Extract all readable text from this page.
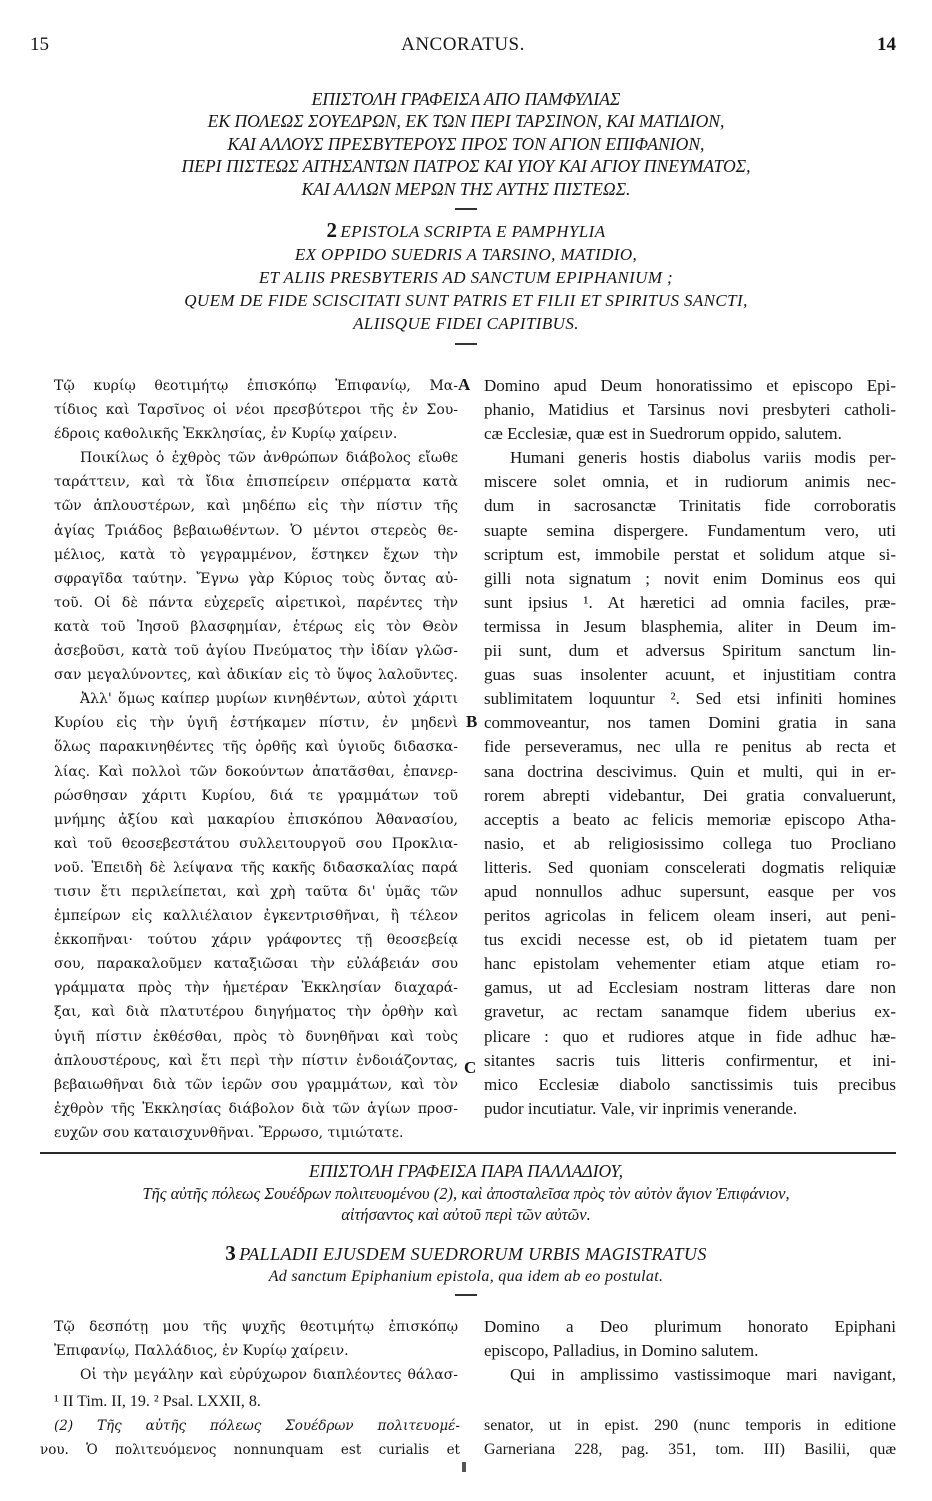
15	ANCORATUS.	14
ΕΠΙΣΤΟΛΗ ΓΡΑΦΕΙΣΑ ΑΠΟ ΠΑΜΦΥΛΙΑΣ
ΕΚ ΠΟΛΕΩΣ ΣΟΥΕΔΡΩΝ, ΕΚ ΤΩΝ ΠΕΡΙ ΤΑΡΣΙΝΟΝ, ΚΑΙ ΜΑΤΙΔΙΟΝ,
ΚΑΙ ΑΛΛΟΥΣ ΠΡΕΣΒΥΤΕΡΟΥΣ ΠΡΟΣ ΤΟΝ ΑΓΙΟΝ ΕΠΙΦΑΝΙΟΝ,
ΠΕΡΙ ΠΙΣΤΕΩΣ ΑΙΤΗΣΑΝΤΩΝ ΠΑΤΡΟΣ ΚΑΙ ΥΙΟΥ ΚΑΙ ΑΓΙΟΥ ΠΝΕΥΜΑΤΟΣ,
ΚΑΙ ΑΛΛΩΝ ΜΕΡΩΝ ΤΗΣ ΑΥΤΗΣ ΠΙΣΤΕΩΣ.
2 EPISTOLA SCRIPTA E PAMPHYLIA
EX OPPIDO SUEDRIS A TARSINO, MATIDIO,
ET ALIIS PRESBYTERIS AD SANCTUM EPIPHANIUM ;
QUEM DE FIDE SCISCITATI SUNT PATRIS ET FILII ET SPIRITUS SANCTI,
ALIISQUE FIDEI CAPITIBUS.
Τῷ κυρίῳ θεοτιμήτῳ ἐπισκόπῳ Ἐπιφανίῳ, Μα-
τίδιος καὶ Ταρσῖνος οἱ νέοι πρεσβύτεροι τῆς ἐν Σου-
έδροις καθολικῆς Ἐκκλησίας, ἐν Κυρίῳ χαίρειν.
Ποικίλως ὁ ἐχθρὸς τῶν ἀνθρώπων διάβολος εἴωθε
ταράττειν, καὶ τὰ ἴδια ἐπισπείρειν σπέρματα κατὰ
τῶν ἁπλουστέρων, καὶ μηδέπω εἰς τὴν πίστιν τῆς
ἁγίας Τριάδος βεβαιωθέντων. Ὁ μέντοι στερεὸς θε-
μέλιος, κατὰ τὸ γεγραμμένον, ἕστηκεν ἔχων τὴν
σφραγῖδα ταύτην. Ἔγνω γὰρ Κύριος τοὺς ὄντας αὐ-
τοῦ. Οἱ δὲ πάντα εὐχερεῖς αἱρετικοὶ, παρέντες τὴν
κατὰ τοῦ Ἰησοῦ βλασφημίαν, ἑτέρως εἰς τὸν Θεὸν
ἀσεβοῦσι, κατὰ τοῦ ἁγίου Πνεύματος τὴν ἰδίαν γλῶσ-
σαν μεγαλύνοντες, καὶ ἀδικίαν εἰς τὸ ὕψος λαλοῦντες.
Ἀλλ' ὅμως καίπερ μυρίων κινηθέντων, αὐτοὶ χάριτι
Κυρίου εἰς τὴν ὑγιῆ ἑστήκαμεν πίστιν, ἐν μηδενὶ
ὅλως παρακινηθέντες τῆς ὀρθῆς καὶ ὑγιοῦς διδασκα-
λίας. Καὶ πολλοὶ τῶν δοκούντων ἀπατᾶσθαι, ἐπανερ-
ρώσθησαν χάριτι Κυρίου, διά τε γραμμάτων τοῦ
μνήμης ἀξίου καὶ μακαρίου ἐπισκόπου Ἀθανασίου,
καὶ τοῦ θεοσεβεστάτου συλλειτουργοῦ σου Προκλια-
νοῦ. Ἐπειδὴ δὲ λείψανα τῆς κακῆς διδασκαλίας παρά
τισιν ἔτι περιλείπεται, καὶ χρὴ ταῦτα δι' ὑμᾶς τῶν
ἐμπείρων εἰς καλλιέλαιον ἐγκεντρισθῆναι, ἢ τέλεον
ἐκκοπῆναι· τούτου χάριν γράφοντες τῇ θεοσεβείᾳ
σου, παρακαλοῦμεν καταξιῶσαι τὴν εὐλάβειάν σου
γράμματα πρὸς τὴν ἡμετέραν Ἐκκλησίαν διαχαρά-
ξαι, καὶ διὰ πλατυτέρου διηγήματος τὴν ὀρθὴν καὶ
ὑγιῆ πίστιν ἐκθέσθαι, πρὸς τὸ δυνηθῆναι καὶ τοὺς
ἁπλουστέρους, καὶ ἔτι περὶ τὴν πίστιν ἐνδοιάζοντας,
βεβαιωθῆναι διὰ τῶν ἱερῶν σου γραμμάτων, καὶ τὸν
ἐχθρὸν τῆς Ἐκκλησίας διάβολον διὰ τῶν ἁγίων προσ-
ευχῶν σου καταισχυνθῆναι. Ἔρρωσο, τιμιώτατε.
A
B
C
Domino apud Deum honoratissimo et episcopo Epi-
phanio, Matidius et Tarsinus novi presbyteri catholi-
cæ Ecclesiæ, quæ est in Suedrorum oppido, salutem.
Humani generis hostis diabolus variis modis per-
miscere solet omnia, et in rudiorum animis nec-
dum in sacrosanctæ Trinitatis fide corroboratis
suapte semina dispergere. Fundamentum vero, uti
scriptum est, immobile perstat et solidum atque si-
gilli nota signatum ; novit enim Dominus eos qui
sunt ipsius ¹. At hæretici ad omnia faciles, præ-
termissa in Jesum blasphemia, aliter in Deum im-
pii sunt, dum et adversus Spiritum sanctum lin-
guas suas insolenter acuunt, et injustitiam contra
sublimitatem loquuntur ². Sed etsi infiniti homines
commoveantur, nos tamen Domini gratia in sana
fide perseveramus, nec ulla re penitus ab recta et
sana doctrina descivimus. Quin et multi, qui in er-
rorem abrepti videbantur, Dei gratia convaluerunt,
acceptis a beato ac felicis memoriæ episcopo Atha-
nasio, et ab religiosissimo collega tuo Procliano
litteris. Sed quoniam conscelerati dogmatis reliquiæ
apud nonnullos adhuc supersunt, easque per vos
peritos agricolas in felicem oleam inseri, aut peni-
tus excidi necesse est, ob id pietatem tuam per
hanc epistolam vehementer etiam atque etiam ro-
gamus, ut ad Ecclesiam nostram litteras dare non
gravetur, ac rectam sanamque fidem uberius ex-
plicare : quo et rudiores atque in fide adhuc hæ-
sitantes sacris tuis litteris confirmentur, et ini-
mico Ecclesiæ diabolo sanctissimis tuis precibus
pudor incutiatur. Vale, vir inprimis venerande.
ΕΠΙΣΤΟΛΗ ΓΡΑΦΕΙΣΑ ΠΑΡΑ ΠΑΛΛΑΔΙΟΥ,
Τῆς αὐτῆς πόλεως Σουέδρων πολιτευομένου (2), καὶ ἀποσταλεῖσα πρὸς τὸν αὐτὸν ἅγιον Ἐπιφάνιον,
αἰτήσαντος καὶ αὐτοῦ περὶ τῶν αὐτῶν.
3 PALLADII EJUSDEM SUEDRORUM URBIS MAGISTRATUS
Ad sanctum Epiphanium epistola, qua idem ab eo postulat.
Τῷ δεσπότῃ μου τῆς ψυχῆς θεοτιμήτῳ ἐπισκόπῳ
Ἐπιφανίῳ, Παλλάδιος, ἐν Κυρίῳ χαίρειν.
Οἱ τὴν μεγάλην καὶ εὐρύχωρον διαπλέοντες θάλασ-
Domino a Deo plurimum honorato Epiphani
episcopo, Palladius, in Domino salutem.
Qui in amplissimo vastissimoque mari navigant,
¹ II Tim. II, 19. ² Psal. LXXII, 8.
(2) Τῆς αὐτῆς πόλεως Σουέδρων πολιτευομέ-
νου. Ὁ πολιτευόμενος nonnunquam est curialis et
senator, ut in epist. 290 (nunc temporis in editione
Garneriana 228, pag. 351, tom. III) Basilii, quæ
